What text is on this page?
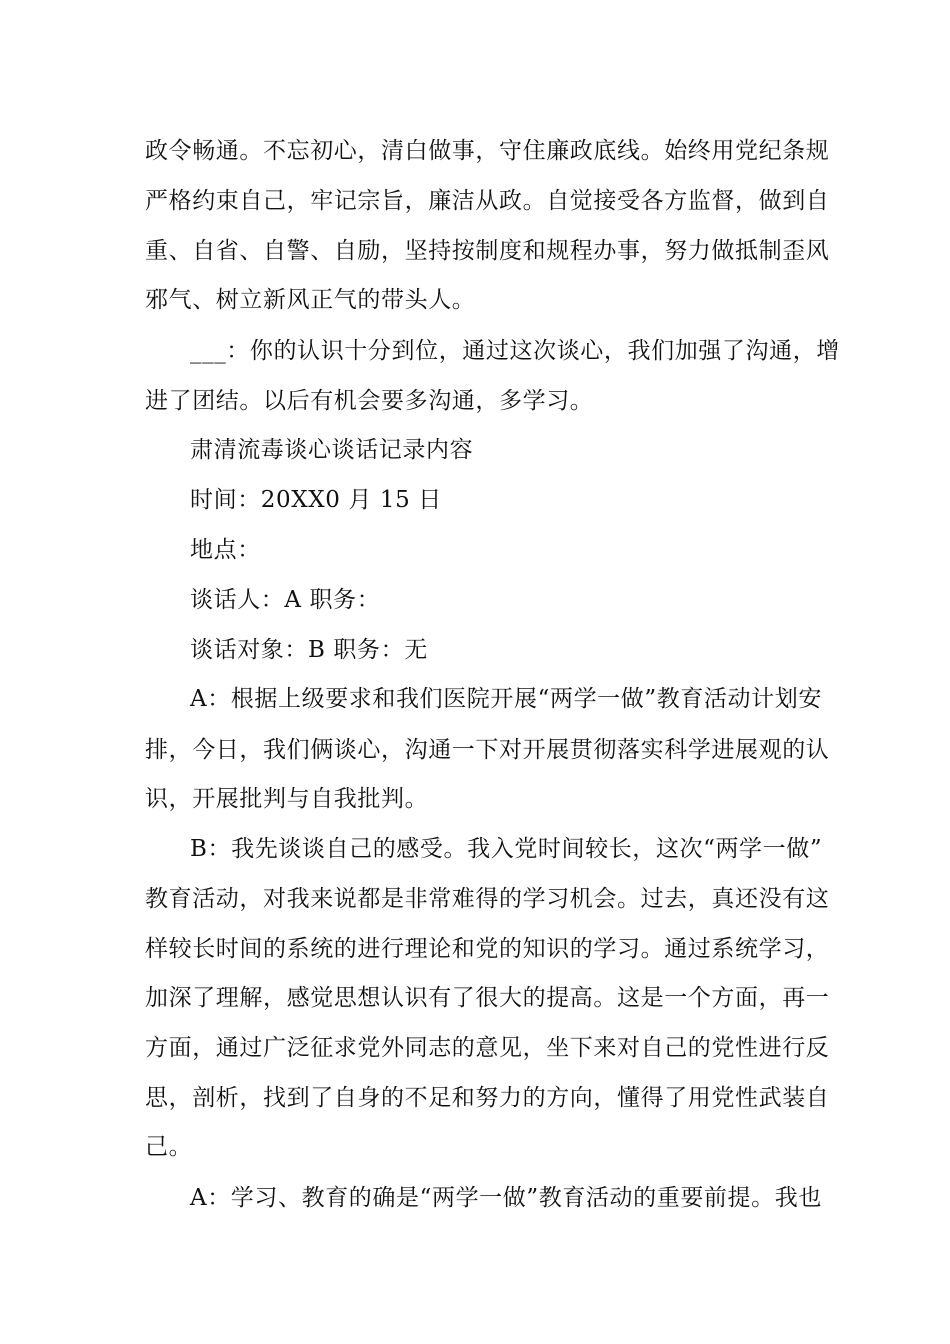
政令畅通。不忘初心，清白做事，守住廉政底线。始终用党纪条规
严格约束自己，牢记宗旨，廉洁从政。自觉接受各方监督，做到自
重、自省、自警、自励，坚持按制度和规程办事，努力做抵制歪风
邪气、树立新风正气的带头人。
___：你的认识十分到位，通过这次谈心，我们加强了沟通，增
进了团结。以后有机会要多沟通，多学习。
肃清流毒谈心谈话记录内容
时间：20XX0 月 15 日
地点：
谈话人：A 职务：
谈话对象：B 职务：无
A：根据上级要求和我们医院开展“两学一做”教育活动计划安
排，今日，我们俩谈心，沟通一下对开展贯彻落实科学进展观的认
识，开展批判与自我批判。
B：我先谈谈自己的感受。我入党时间较长，这次“两学一做”
教育活动，对我来说都是非常难得的学习机会。过去，真还没有这
样较长时间的系统的进行理论和党的知识的学习。通过系统学习，
加深了理解，感觉思想认识有了很大的提高。这是一个方面，再一
方面，通过广泛征求党外同志的意见，坐下来对自己的党性进行反
思，剖析，找到了自身的不足和努力的方向，懂得了用党性武装自
己。
A：学习、教育的确是“两学一做”教育活动的重要前提。我也
